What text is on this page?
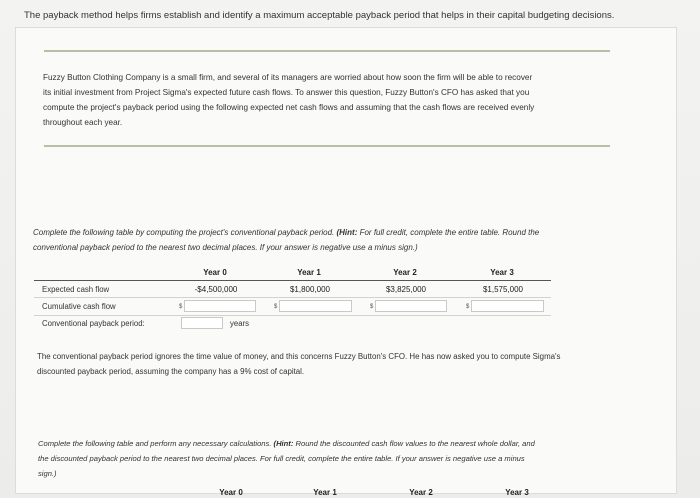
The payback method helps firms establish and identify a maximum acceptable payback period that helps in their capital budgeting decisions.
Fuzzy Button Clothing Company is a small firm, and several of its managers are worried about how soon the firm will be able to recover
its initial investment from Project Sigma's expected future cash flows. To answer this question, Fuzzy Button's CFO has asked that you
compute the project's payback period using the following expected net cash flows and assuming that the cash flows are received evenly
throughout each year.
Complete the following table by computing the project's conventional payback period. (Hint: For full credit, complete the entire table. Round the
conventional payback period to the nearest two decimal places. If your answer is negative use a minus sign.)
Year 0	Year 1	Year 2	Year 3
Expected cash flow	-$4,500,000	$1,800,000	$3,825,000	$1,575,000
Cumulative cash flow	$	$	$	$
Conventional payback period:	years
The conventional payback period ignores the time value of money, and this concerns Fuzzy Button's CFO. He has now asked you to compute Sigma's
discounted payback period, assuming the company has a 9% cost of capital.
Complete the following table and perform any necessary calculations. (Hint: Round the discounted cash flow values to the nearest whole dollar, and
the discounted payback period to the nearest two decimal places. For full credit, complete the entire table. If your answer is negative use a minus
sign.)
Year 0	Year 1	Year 2	Year 3
